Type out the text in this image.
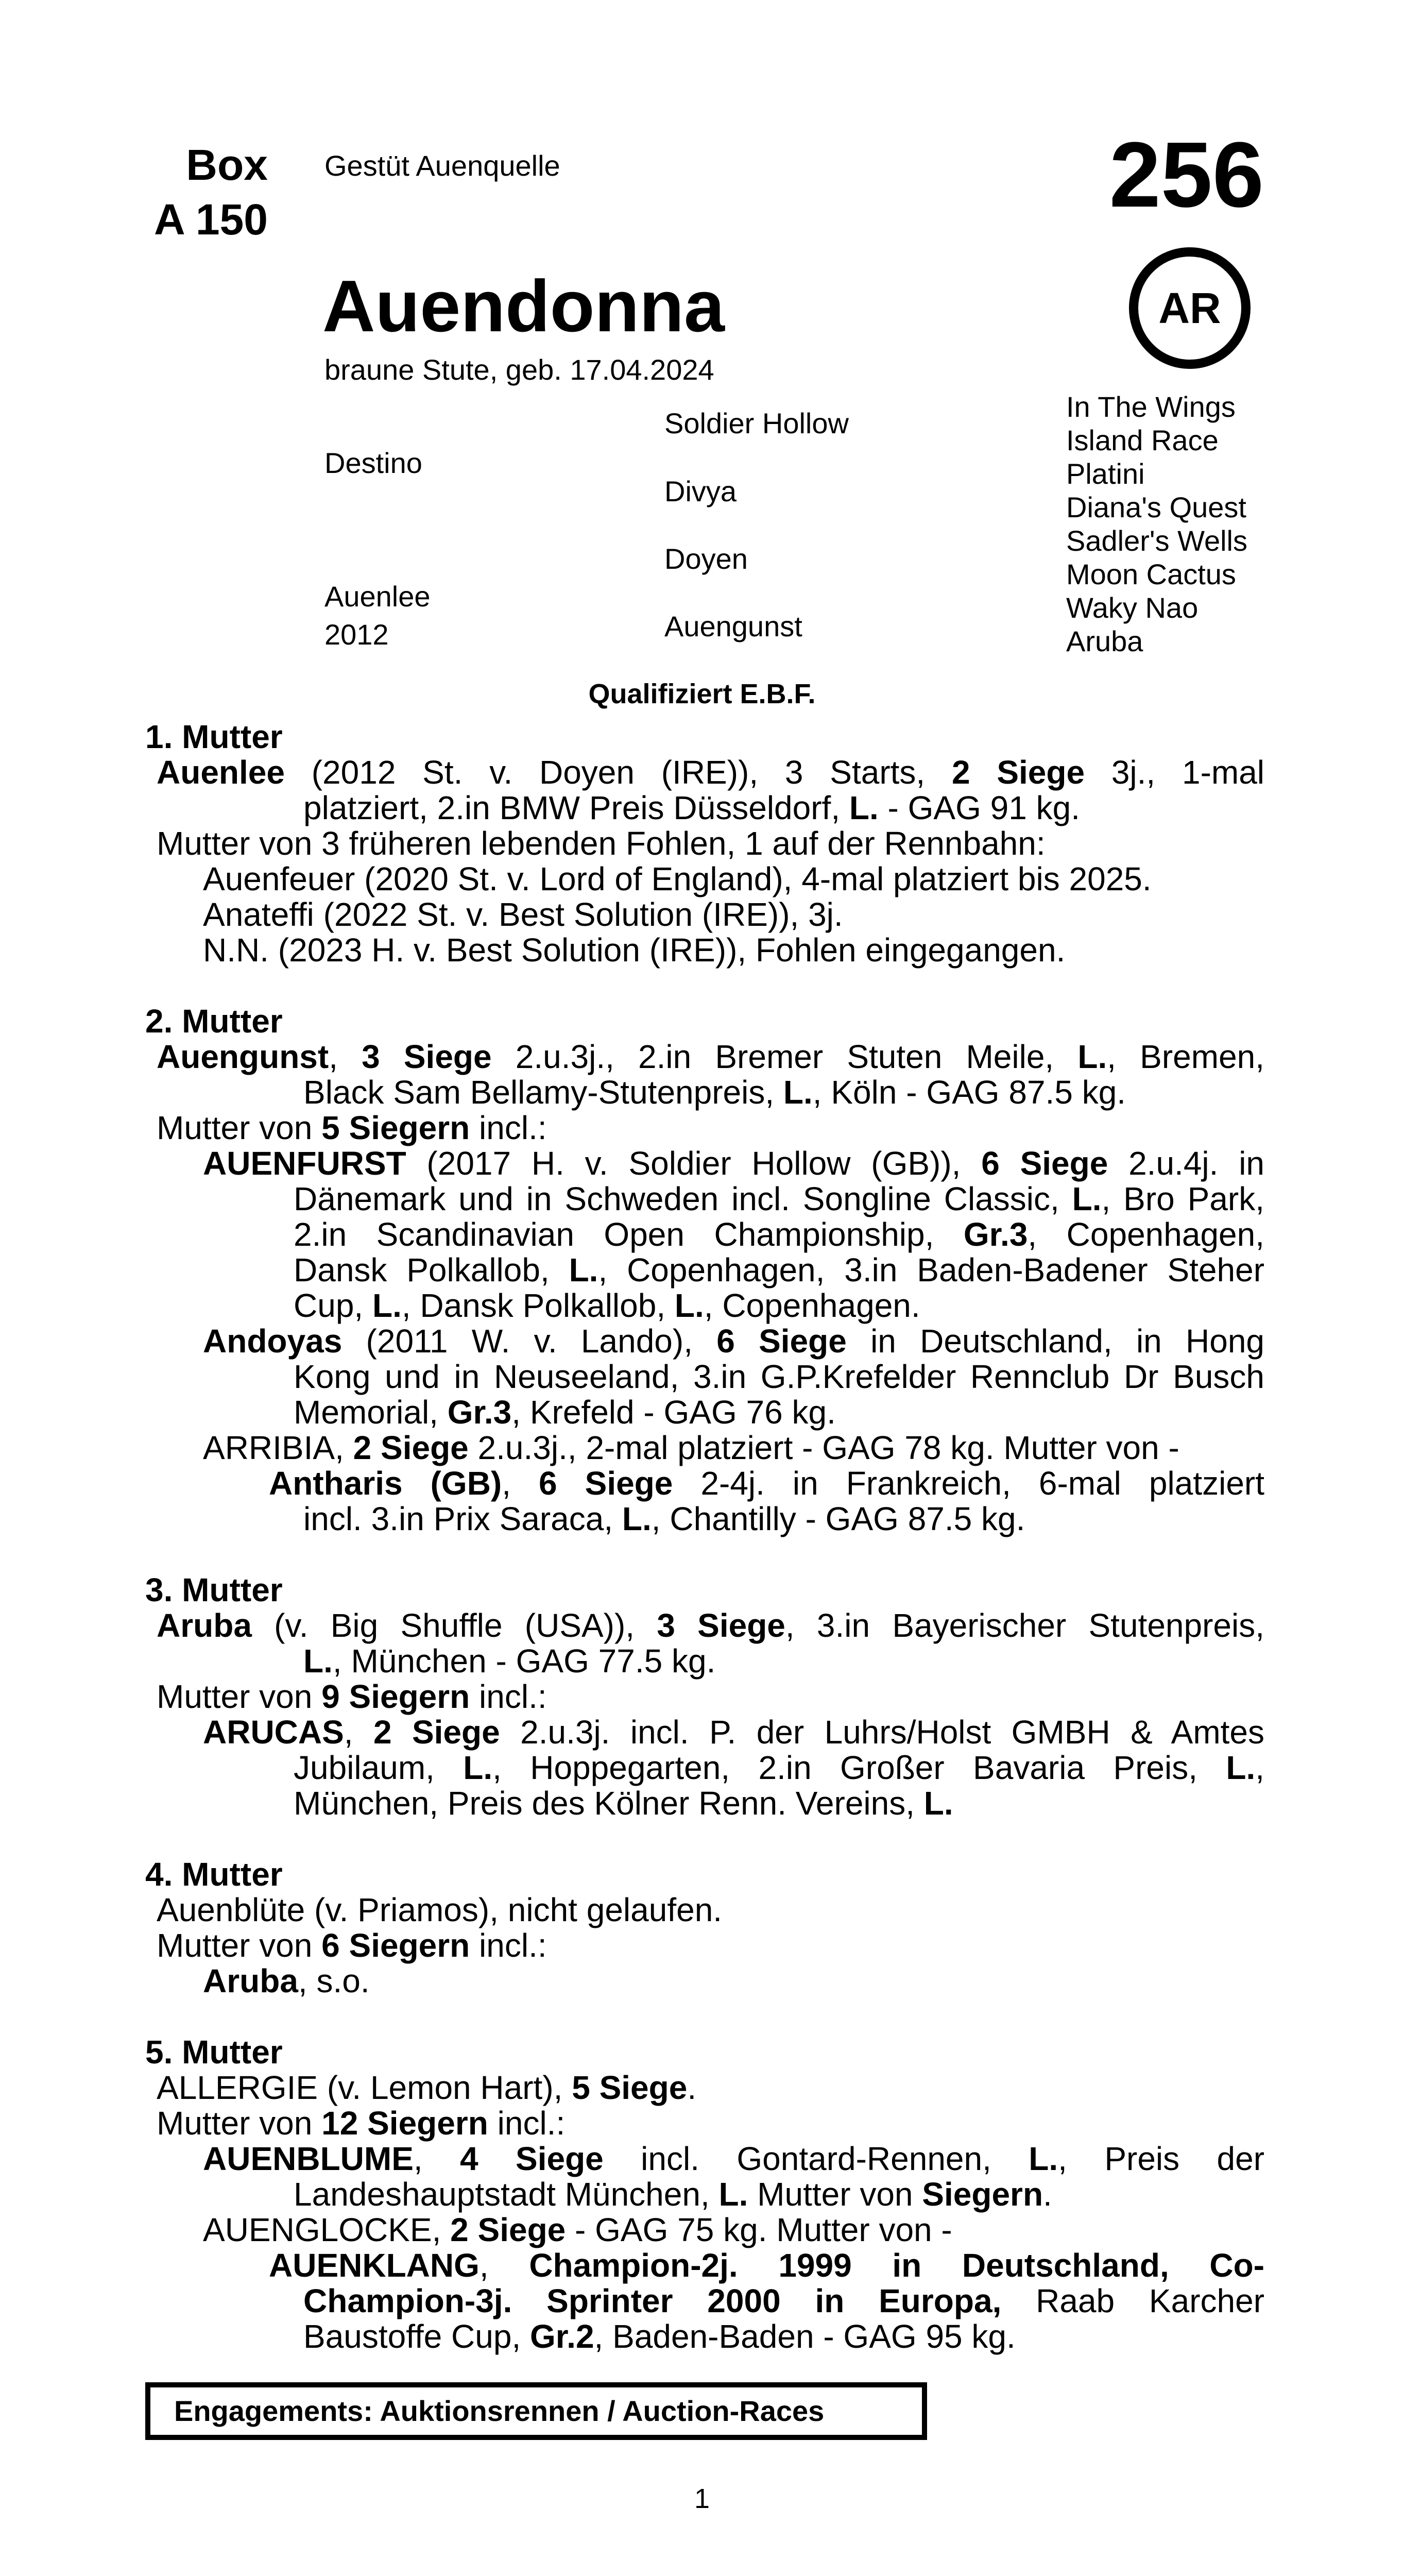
Box
A 150
Gestüt Auenquelle	256
Auendonna	AR
braune Stute, geb. 17.04.2024
Destino
Auenlee
2012
Soldier Hollow
Divya
Doyen
Auengunst
In The Wings
Island Race
Platini
Diana's Quest
Sadler's Wells
Moon Cactus
Waky Nao
Aruba
Qualifiziert E.B.F.
1. Mutter
Auenlee (2012 St. v. Doyen (IRE)), 3 Starts, 2 Siege 3j., 1-mal
platziert, 2.in BMW Preis Düsseldorf, L. - GAG 91 kg.
Mutter von 3 früheren lebenden Fohlen, 1 auf der Rennbahn:
Auenfeuer (2020 St. v. Lord of England), 4-mal platziert bis 2025.
Anateffi (2022 St. v. Best Solution (IRE)), 3j.
N.N. (2023 H. v. Best Solution (IRE)), Fohlen eingegangen.
2. Mutter
Auengunst, 3 Siege 2.u.3j., 2.in Bremer Stuten Meile, L., Bremen,
Black Sam Bellamy-Stutenpreis, L., Köln - GAG 87.5 kg.
Mutter von 5 Siegern incl.:
AUENFURST (2017 H. v. Soldier Hollow (GB)), 6 Siege 2.u.4j. in
Dänemark und in Schweden incl. Songline Classic, L., Bro Park,
2.in Scandinavian Open Championship, Gr.3, Copenhagen,
Dansk Polkallob, L., Copenhagen, 3.in Baden-Badener Steher
Cup, L., Dansk Polkallob, L., Copenhagen.
Andoyas (2011 W. v. Lando), 6 Siege in Deutschland, in Hong
Kong und in Neuseeland, 3.in G.P.Krefelder Rennclub Dr Busch
Memorial, Gr.3, Krefeld - GAG 76 kg.
ARRIBIA, 2 Siege 2.u.3j., 2-mal platziert - GAG 78 kg. Mutter von -
Antharis (GB), 6 Siege 2-4j. in Frankreich, 6-mal platziert
incl. 3.in Prix Saraca, L., Chantilly - GAG 87.5 kg.
3. Mutter
Aruba (v. Big Shuffle (USA)), 3 Siege, 3.in Bayerischer Stutenpreis,
L., München - GAG 77.5 kg.
Mutter von 9 Siegern incl.:
ARUCAS, 2 Siege 2.u.3j. incl. P. der Luhrs/Holst GMBH & Amtes
Jubilaum, L., Hoppegarten, 2.in Großer Bavaria Preis, L.,
München, Preis des Kölner Renn. Vereins, L.
4. Mutter
Auenblüte (v. Priamos), nicht gelaufen.
Mutter von 6 Siegern incl.:
Aruba, s.o.
5. Mutter
ALLERGIE (v. Lemon Hart), 5 Siege.
Mutter von 12 Siegern incl.:
AUENBLUME, 4 Siege incl. Gontard-Rennen, L., Preis der
Landeshauptstadt München, L. Mutter von Siegern.
AUENGLOCKE, 2 Siege - GAG 75 kg. Mutter von -
AUENKLANG, Champion-2j. 1999 in Deutschland, Co-
Champion-3j. Sprinter 2000 in Europa, Raab Karcher
Baustoffe Cup, Gr.2, Baden-Baden - GAG 95 kg.
Engagements: Auktionsrennen / Auction-Races
1
